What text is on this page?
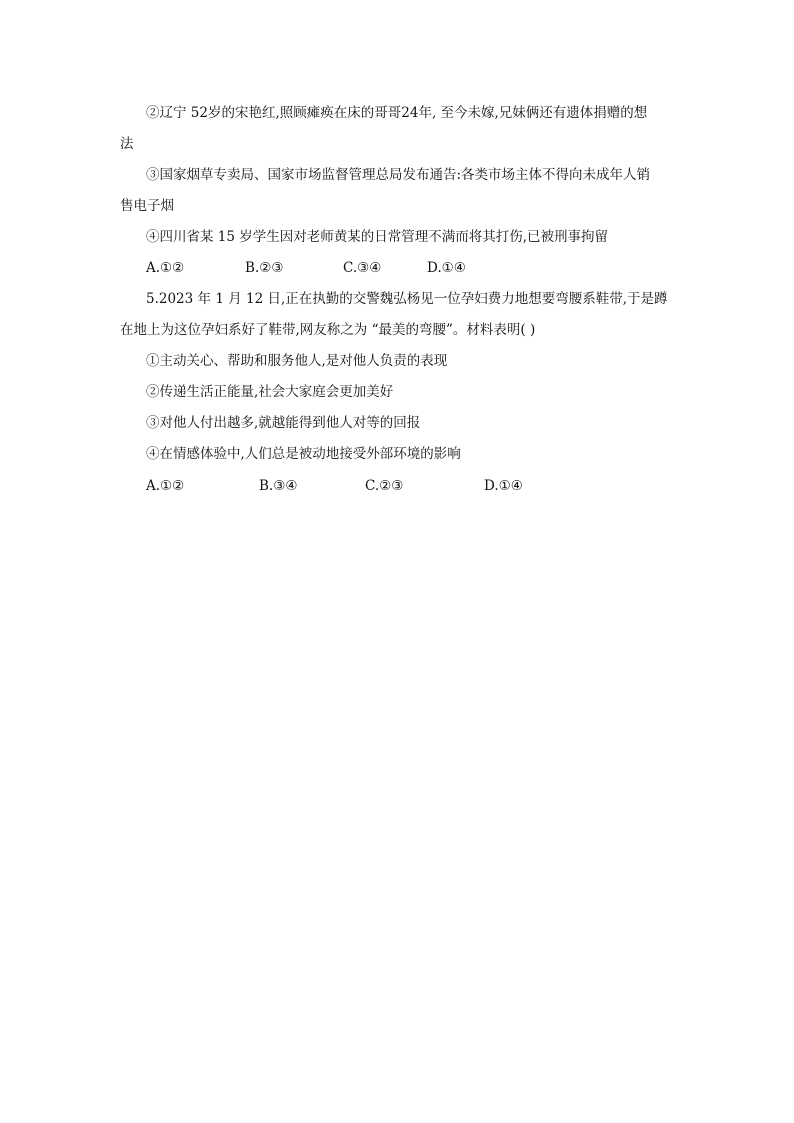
②辽宁 52岁的宋艳红,照顾瘫痪在床的哥哥24年, 至今未嫁,兄妹俩还有遗体捐赠的想
法
③国家烟草专卖局、国家市场监督管理总局发布通告:各类市场主体不得向未成年人销
售电子烟
④四川省某 15 岁学生因对老师黄某的日常管理不满而将其打伤,已被刑事拘留
A.①②	B.②③	C.③④	D.①④
5.2023 年 1 月 12 日,正在执勤的交警魏弘杨见一位孕妇费力地想要弯腰系鞋带,于是蹲
在地上为这位孕妇系好了鞋带,网友称之为 “最美的弯腰”。材料表明( )
①主动关心、帮助和服务他人,是对他人负责的表现
②传递生活正能量,社会大家庭会更加美好
③对他人付出越多,就越能得到他人对等的回报
④在情感体验中,人们总是被动地接受外部环境的影响
A.①②	B.③④	C.②③	D.①④
